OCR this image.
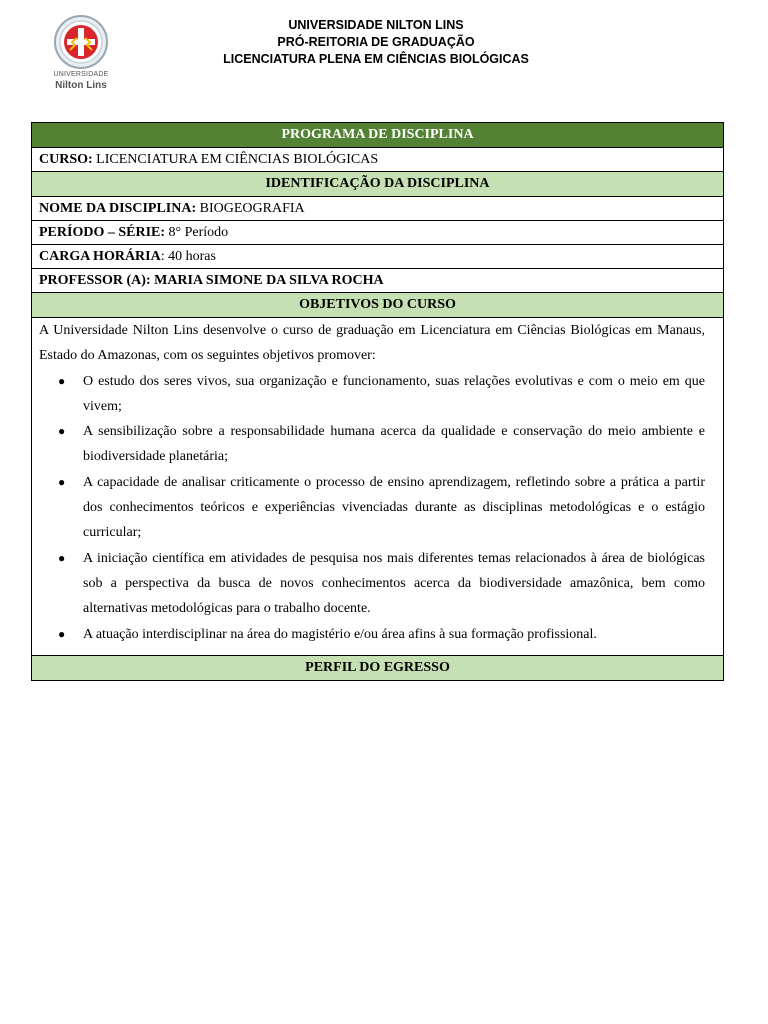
UNIVERSIDADE
Nilton Lins
UNIVERSIDADE NILTON LINS
PRÓ-REITORIA DE GRADUAÇÃO
LICENCIATURA PLENA EM CIÊNCIAS BIOLÓGICAS
PROGRAMA DE DISCIPLINA
CURSO: LICENCIATURA EM CIÊNCIAS BIOLÓGICAS
IDENTIFICAÇÃO DA DISCIPLINA
NOME DA DISCIPLINA: BIOGEOGRAFIA
PERÍODO – SÉRIE: 8° Período
CARGA HORÁRIA: 40 horas
PROFESSOR (A): MARIA SIMONE DA SILVA ROCHA
OBJETIVOS DO CURSO

A Universidade Nilton Lins desenvolve o curso de graduação em Licenciatura em Ciências Biológicas em Manaus, Estado do Amazonas, com os seguintes objetivos promover:

● O estudo dos seres vivos, sua organização e funcionamento, suas relações evolutivas e com o meio em que vivem;
● A sensibilização sobre a responsabilidade humana acerca da qualidade e conservação do meio ambiente e biodiversidade planetária;
● A capacidade de analisar criticamente o processo de ensino aprendizagem, refletindo sobre a prática a partir dos conhecimentos teóricos e experiências vivenciadas durante as disciplinas metodológicas e o estágio curricular;
● A iniciação científica em atividades de pesquisa nos mais diferentes temas relacionados à área de biológicas sob a perspectiva da busca de novos conhecimentos acerca da biodiversidade amazônica, bem como alternativas metodológicas para o trabalho docente.
● A atuação interdisciplinar na área do magistério e/ou área afins à sua formação profissional.

PERFIL DO EGRESSO
